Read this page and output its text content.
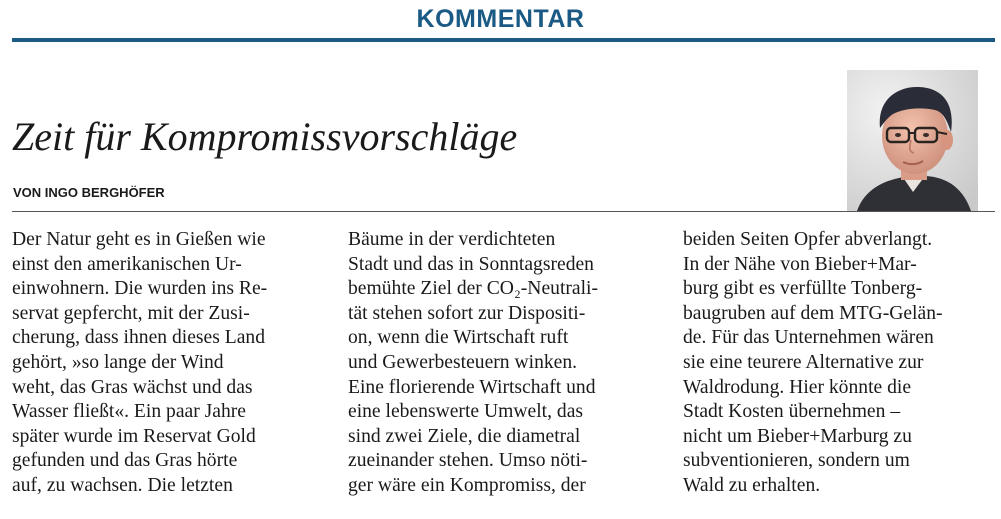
KOMMENTAR
Zeit für Kompromissvorschläge
VON INGO BERGHÖFER
Der Natur geht es in Gießen wie
einst den amerikanischen Ur-
einwohnern. Die wurden ins Re-
servat gepfercht, mit der Zusi-
cherung, dass ihnen dieses Land
gehört, »so lange der Wind
weht, das Gras wächst und das
Wasser fließt«. Ein paar Jahre
später wurde im Reservat Gold
gefunden und das Gras hörte
auf, zu wachsen. Die letzten
Bäume in der verdichteten
Stadt und das in Sonntagsreden
bemühte Ziel der CO₂-Neutrali-
tät stehen sofort zur Dispositi-
on, wenn die Wirtschaft ruft
und Gewerbesteuern winken.
Eine florierende Wirtschaft und
eine lebenswerte Umwelt, das
sind zwei Ziele, die diametral
zueinander stehen. Umso nöti-
ger wäre ein Kompromiss, der
beiden Seiten Opfer abverlangt.
In der Nähe von Bieber+Mar-
burg gibt es verfüllte Tonberg-
baugruben auf dem MTG-Gelän-
de. Für das Unternehmen wären
sie eine teurere Alternative zur
Waldrodung. Hier könnte die
Stadt Kosten übernehmen –
nicht um Bieber+Marburg zu
subventionieren, sondern um
Wald zu erhalten.
